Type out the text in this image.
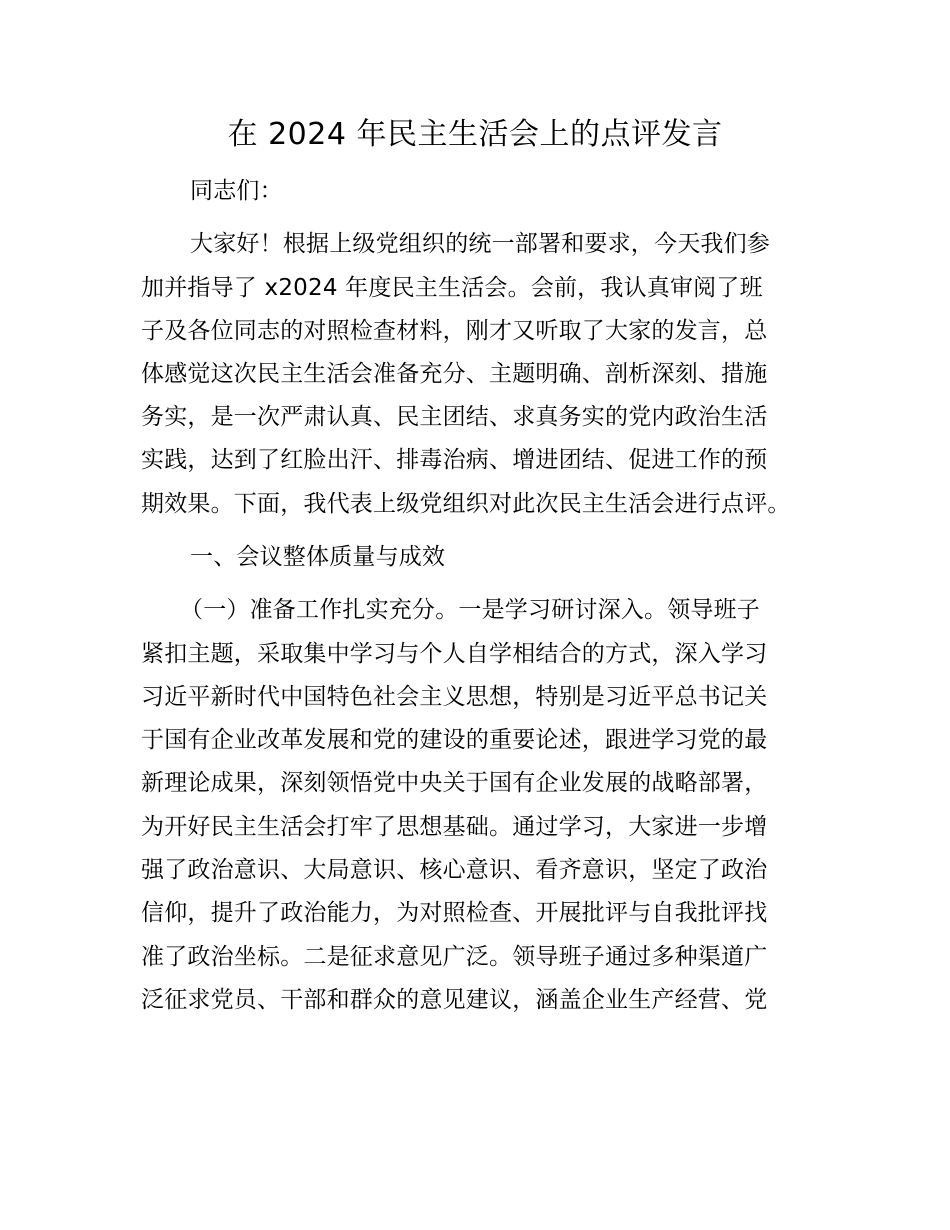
在 2024 年民主生活会上的点评发言
同志们：
大家好！根据上级党组织的统一部署和要求，今天我们参
加并指导了 x2024 年度民主生活会。会前，我认真审阅了班
子及各位同志的对照检查材料，刚才又听取了大家的发言，总
体感觉这次民主生活会准备充分、主题明确、剖析深刻、措施
务实，是一次严肃认真、民主团结、求真务实的党内政治生活
实践，达到了红脸出汗、排毒治病、增进团结、促进工作的预
期效果。下面，我代表上级党组织对此次民主生活会进行点评。
一、会议整体质量与成效
（一）准备工作扎实充分。一是学习研讨深入。领导班子
紧扣主题，采取集中学习与个人自学相结合的方式，深入学习
习近平新时代中国特色社会主义思想，特别是习近平总书记关
于国有企业改革发展和党的建设的重要论述，跟进学习党的最
新理论成果，深刻领悟党中央关于国有企业发展的战略部署，
为开好民主生活会打牢了思想基础。通过学习，大家进一步增
强了政治意识、大局意识、核心意识、看齐意识，坚定了政治
信仰，提升了政治能力，为对照检查、开展批评与自我批评找
准了政治坐标。二是征求意见广泛。领导班子通过多种渠道广
泛征求党员、干部和群众的意见建议，涵盖企业生产经营、党
